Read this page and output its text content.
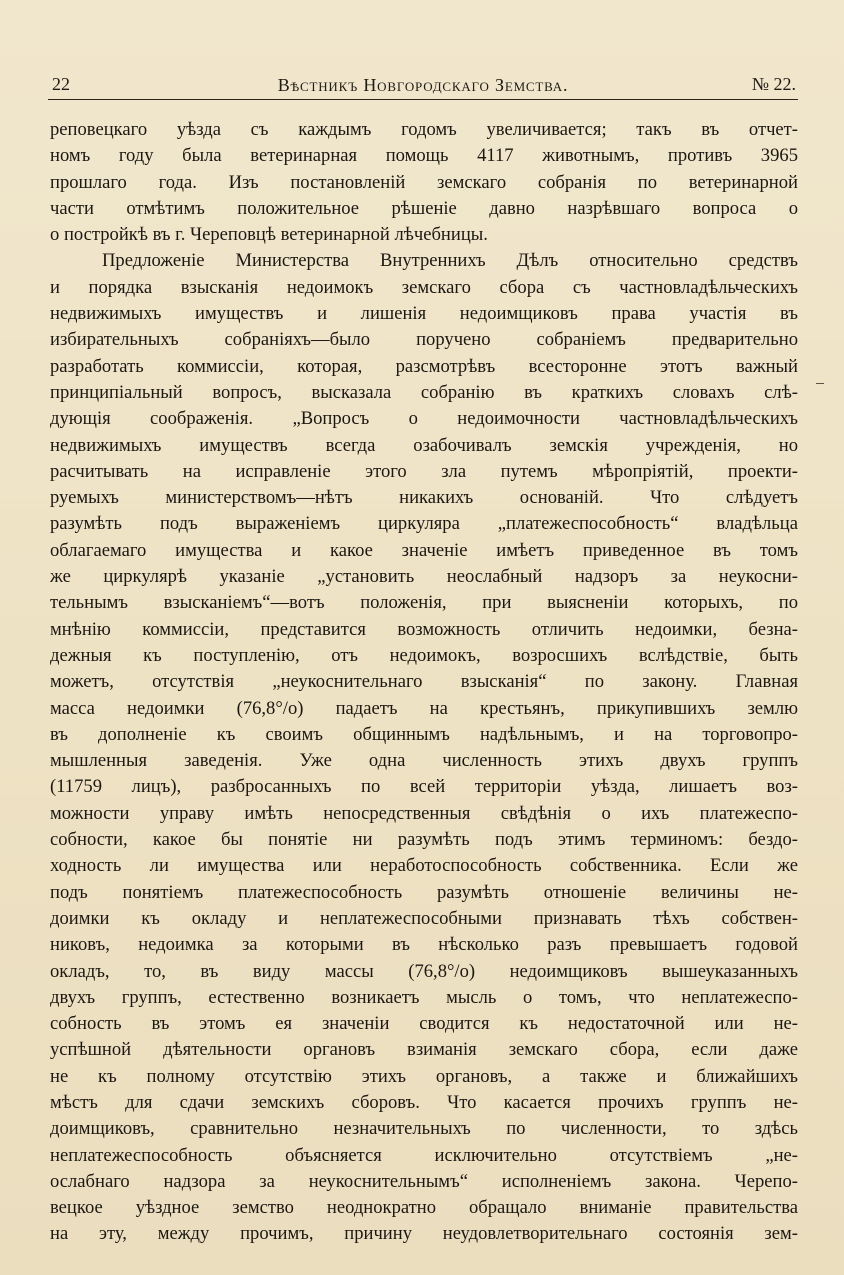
22	Вѣстникъ Новгородскаго Земства.	№ 22.
реповецкаго уѣзда съ каждымъ годомъ увеличивается; такъ въ отчет-
номъ году была ветеринарная помощь 4117 животнымъ, противъ 3965
прошлаго года. Изъ постановленій земскаго собранія по ветеринарной
части отмѣтимъ положительное рѣшеніе давно назрѣвшаго вопроса о
о постройкѣ въ г. Череповцѣ ветеринарной лѣчебницы.
Предложеніе Министерства Внутреннихъ Дѣлъ относительно средствъ
и порядка взысканія недоимокъ земскаго сбора съ частновладѣльческихъ
недвижимыхъ имуществъ и лишенія недоимщиковъ права участія въ
избирательныхъ собраніяхъ—было поручено собраніемъ предварительно
разработать коммиссіи, которая, разсмотрѣвъ всесторонне этотъ важный
принципіальный вопросъ, высказала собранію въ краткихъ словахъ слѣ-
дующія соображенія. „Вопросъ о недоимочности частновладѣльческихъ
недвижимыхъ имуществъ всегда озабочивалъ земскія учрежденія, но
расчитывать на исправленіе этого зла путемъ мѣропріятій, проекти-
руемыхъ министерствомъ—нѣтъ никакихъ основаній. Что слѣдуетъ
разумѣть подъ выраженіемъ циркуляра „платежеспособность“ владѣльца
облагаемаго имущества и какое значеніе имѣетъ приведенное въ томъ
же циркулярѣ указаніе „установить неослабный надзоръ за неукосни-
тельнымъ взысканіемъ“—вотъ положенія, при выясненіи которыхъ, по
мнѣнію коммиссіи, представится возможность отличить недоимки, безна-
дежныя къ поступленію, отъ недоимокъ, возросшихъ вслѣдствіе, быть
можетъ, отсутствія „неукоснительнаго взысканія“ по закону. Главная
масса недоимки (76,8°/o) падаетъ на крестьянъ, прикупившихъ землю
въ дополненіе къ своимъ общиннымъ надѣльнымъ, и на торговопро-
мышленныя заведенія. Уже одна численность этихъ двухъ группъ
(11759 лицъ), разбросанныхъ по всей территоріи уѣзда, лишаетъ воз-
можности управу имѣть непосредственныя свѣдѣнія о ихъ платежеспо-
собности, какое бы понятіе ни разумѣть подъ этимъ терминомъ: бездо-
ходность ли имущества или неработоспособность собственника. Если же
подъ понятіемъ платежеспособность разумѣть отношеніе величины не-
доимки къ окладу и неплатежеспособными признавать тѣхъ собствен-
никовъ, недоимка за которыми въ нѣсколько разъ превышаетъ годовой
окладъ, то, въ виду массы (76,8°/o) недоимщиковъ вышеуказанныхъ
двухъ группъ, естественно возникаетъ мысль о томъ, что неплатежеспо-
собность въ этомъ ея значеніи сводится къ недостаточной или не-
успѣшной дѣятельности органовъ взиманія земскаго сбора, если даже
не къ полному отсутствію этихъ органовъ, а также и ближайшихъ
мѣстъ для сдачи земскихъ сборовъ. Что касается прочихъ группъ не-
доимщиковъ, сравнительно незначительныхъ по численности, то здѣсь
неплатежеспособность объясняется исключительно отсутствіемъ „не-
ослабнаго надзора за неукоснительнымъ“ исполненіемъ закона. Черепо-
вецкое уѣздное земство неоднократно обращало вниманіе правительства
на эту, между прочимъ, причину неудовлетворительнаго состоянія зем-
